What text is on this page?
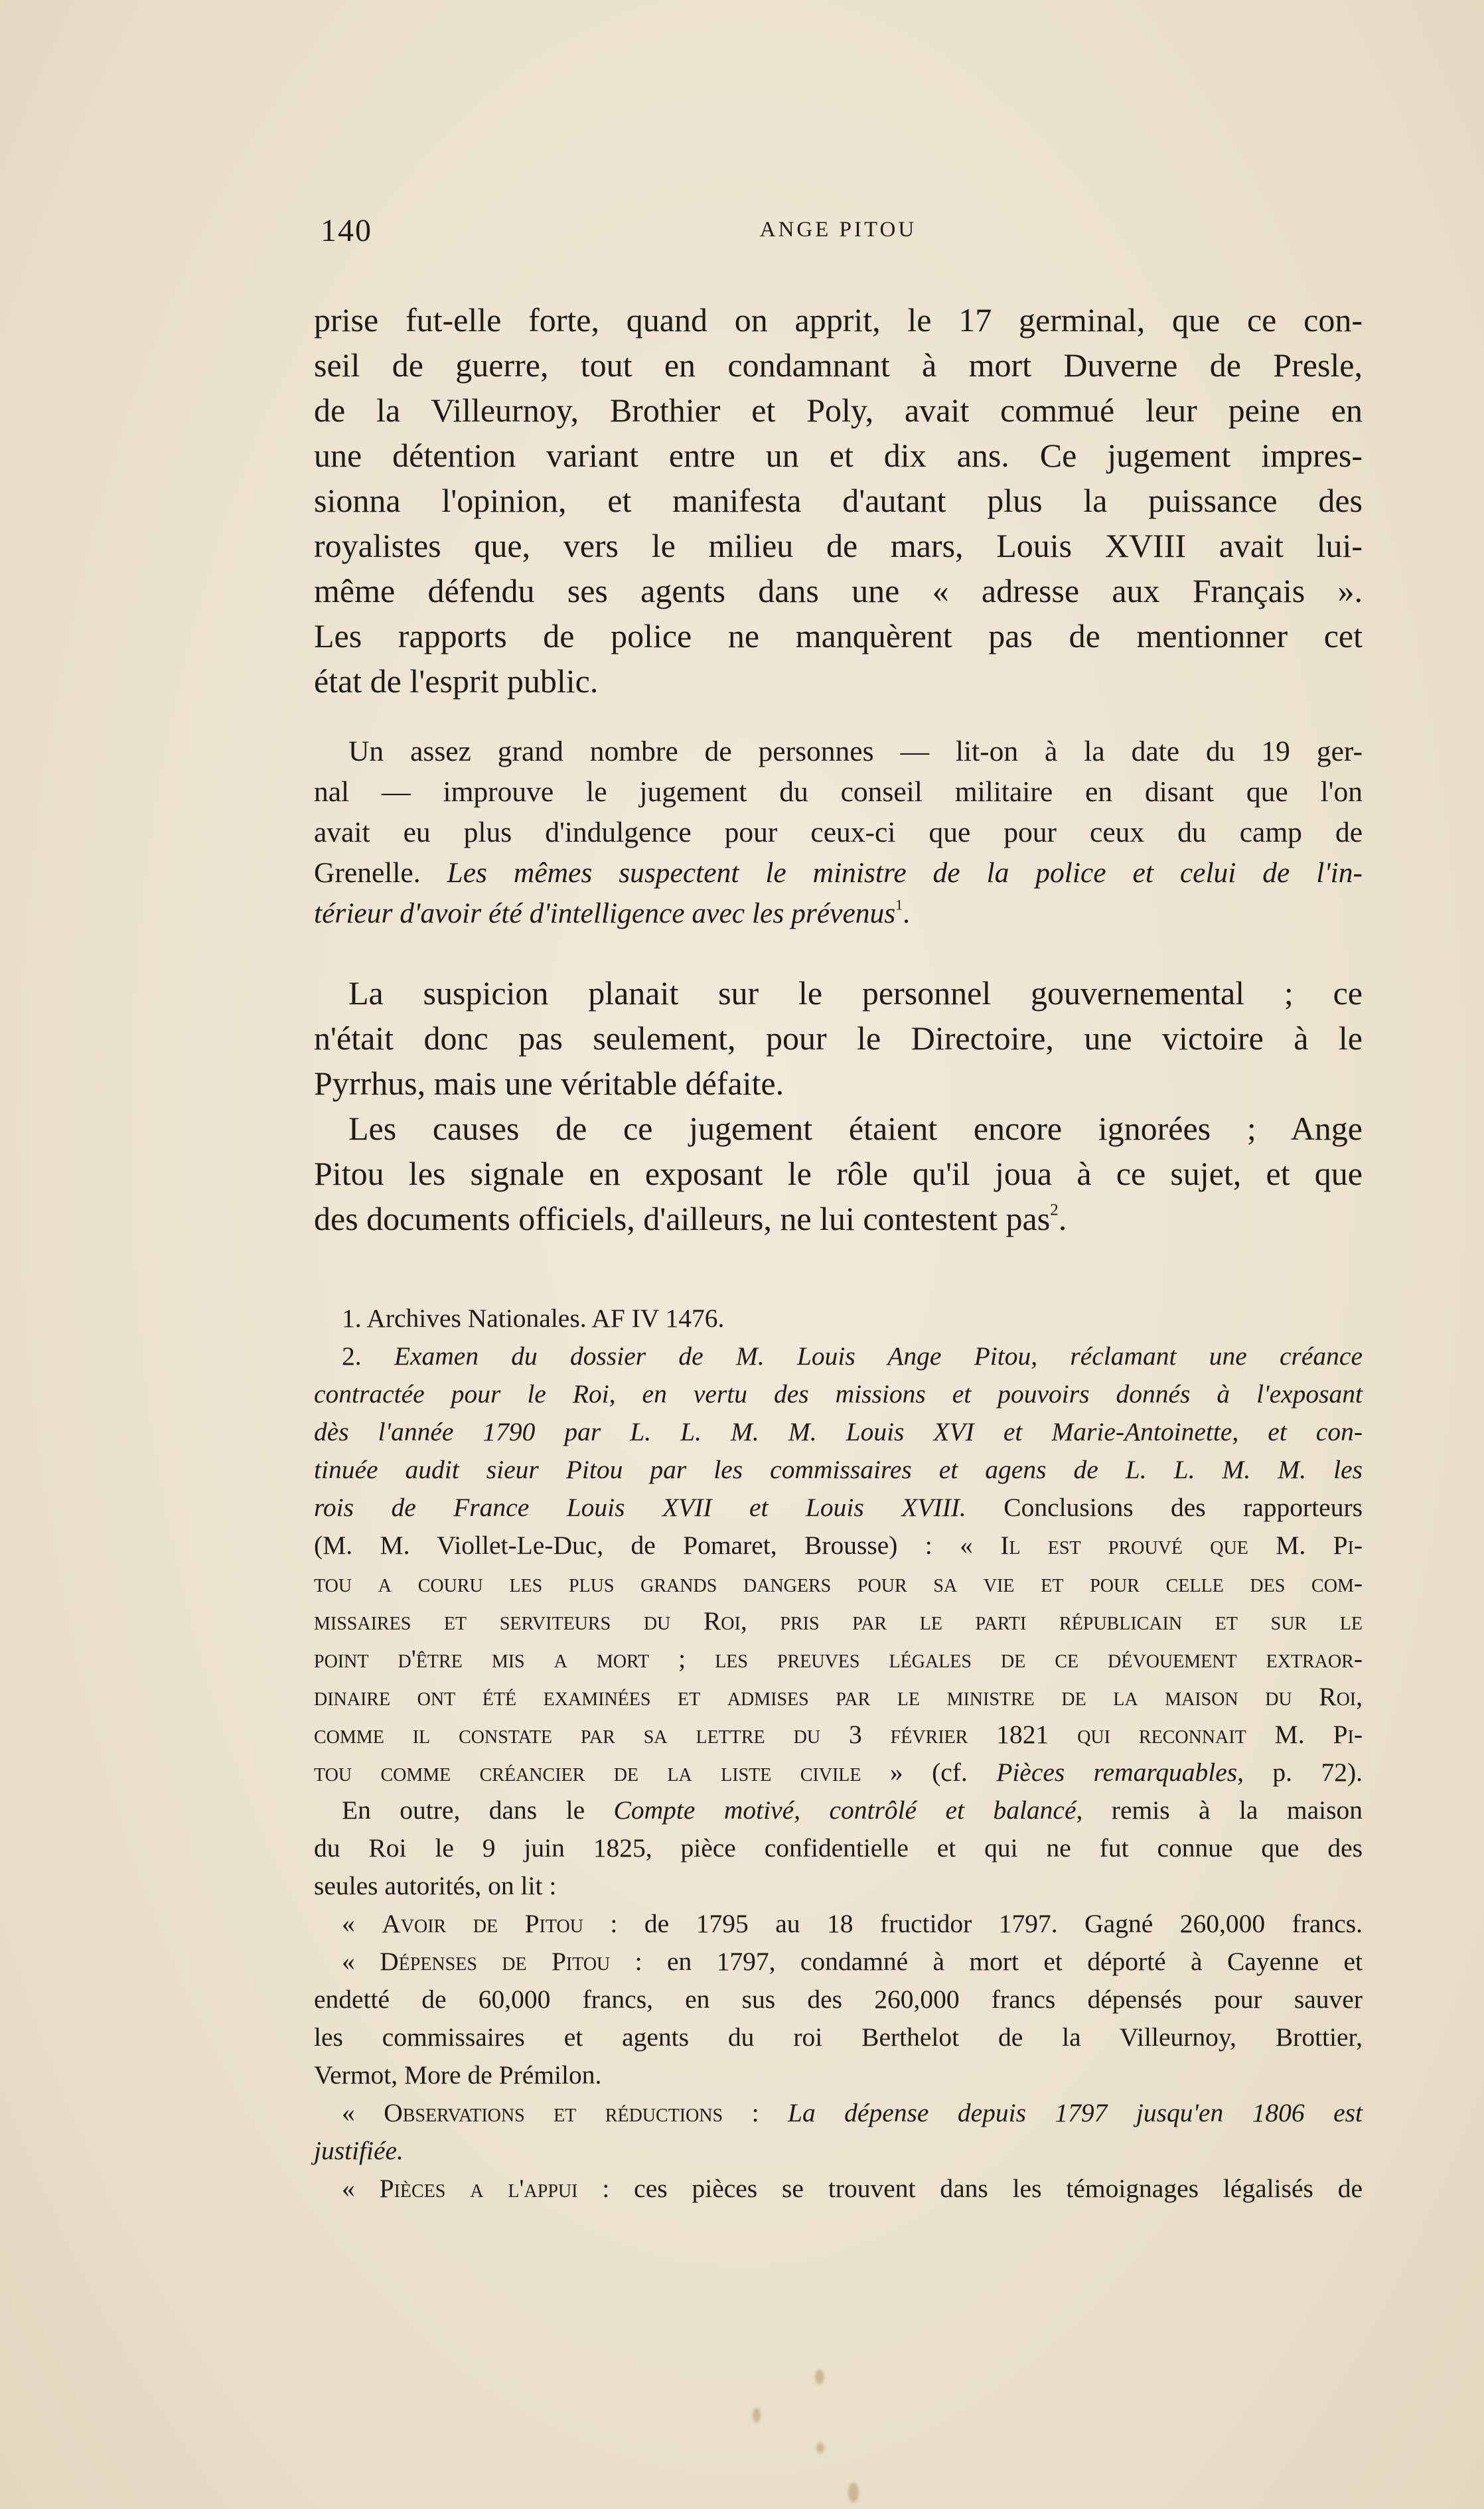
140	ANGE PITOU
prise fut-elle forte, quand on apprit, le 17 germinal, que ce con-
seil de guerre, tout en condamnant à mort Duverne de Presle,
de la Villeurnoy, Brothier et Poly, avait commué leur peine en
une détention variant entre un et dix ans. Ce jugement impres-
sionna l'opinion, et manifesta d'autant plus la puissance des
royalistes que, vers le milieu de mars, Louis XVIII avait lui-
même défendu ses agents dans une « adresse aux Français ».
Les rapports de police ne manquèrent pas de mentionner cet
état de l'esprit public.
Un assez grand nombre de personnes — lit-on à la date du 19 ger-
nal — improuve le jugement du conseil militaire en disant que l'on
avait eu plus d'indulgence pour ceux-ci que pour ceux du camp de
Grenelle. Les mêmes suspectent le ministre de la police et celui de l'in-
térieur d'avoir été d'intelligence avec les prévenus$^1$.
La suspicion planait sur le personnel gouvernemental ; ce
n'était donc pas seulement, pour le Directoire, une victoire à le
Pyrrhus, mais une véritable défaite.
Les causes de ce jugement étaient encore ignorées ; Ange
Pitou les signale en exposant le rôle qu'il joua à ce sujet, et que
des documents officiels, d'ailleurs, ne lui contestent pas$^2$.
1. Archives Nationales. AF IV 1476.
2. Examen du dossier de M. Louis Ange Pitou, réclamant une créance
contractée pour le Roi, en vertu des missions et pouvoirs donnés à l'exposant
dès l'année 1790 par L. L. M. M. Louis XVI et Marie-Antoinette, et con-
tinuée audit sieur Pitou par les commissaires et agens de L. L. M. M. les
rois de France Louis XVII et Louis XVIII. Conclusions des rapporteurs
(M. M. Viollet-Le-Duc, de Pomaret, Brousse) : « Il est prouvé que M. Pi-
tou a couru les plus grands dangers pour sa vie et pour celle des com-
missaires et serviteurs du Roi, pris par le parti républicain et sur le
point d'être mis a mort ; les preuves légales de ce dévouement extraor-
dinaire ont été examinées et admises par le ministre de la maison du Roi,
comme il constate par sa lettre du 3 février 1821 qui reconnait M. Pi-
tou comme créancier de la liste civile » (cf. Pièces remarquables, p. 72).
En outre, dans le Compte motivé, contrôlé et balancé, remis à la maison
du Roi le 9 juin 1825, pièce confidentielle et qui ne fut connue que des
seules autorités, on lit :
« Avoir de Pitou : de 1795 au 18 fructidor 1797. Gagné 260,000 francs.
« Dépenses de Pitou : en 1797, condamné à mort et déporté à Cayenne et
endetté de 60,000 francs, en sus des 260,000 francs dépensés pour sauver
les commissaires et agents du roi Berthelot de la Villeurnoy, Brottier,
Vermot, More de Prémilon.
« Observations et réductions : La dépense depuis 1797 jusqu'en 1806 est
justifiée.
« Pièces a l'appui : ces pièces se trouvent dans les témoignages légalisés de
